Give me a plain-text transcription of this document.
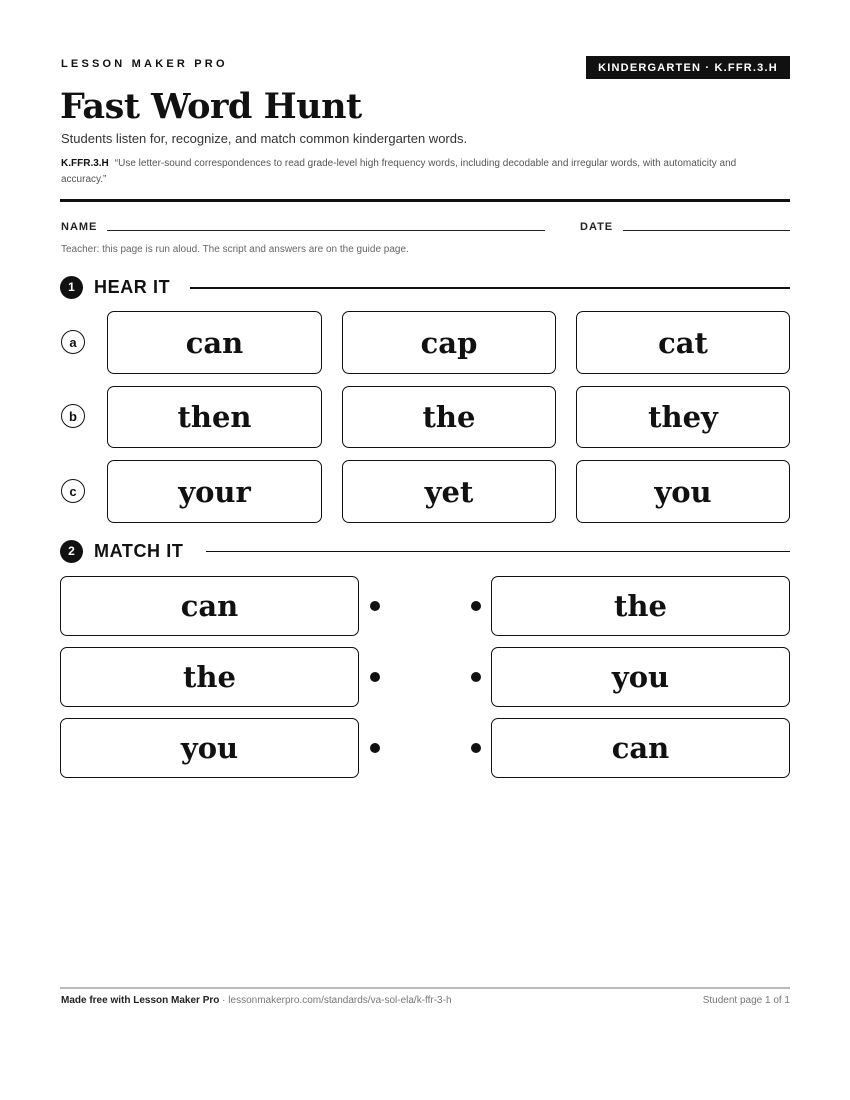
LESSON MAKER PRO	KINDERGARTEN · K.FFR.3.H
Fast Word Hunt
Students listen for, recognize, and match common kindergarten words.
K.FFR.3.H “Use letter-sound correspondences to read grade-level high frequency words, including decodable and irregular words, with automaticity and accuracy.”
NAME	DATE
Teacher: this page is run aloud. The script and answers are on the guide page.
1	HEAR IT
a	can	cap	cat
b	then	the	they
c	your	yet	you
2	MATCH IT
can	the
the	you
you	can
Made free with Lesson Maker Pro · lessonmakerpro.com/standards/va-sol-ela/k-ffr-3-h	Student page 1 of 1
